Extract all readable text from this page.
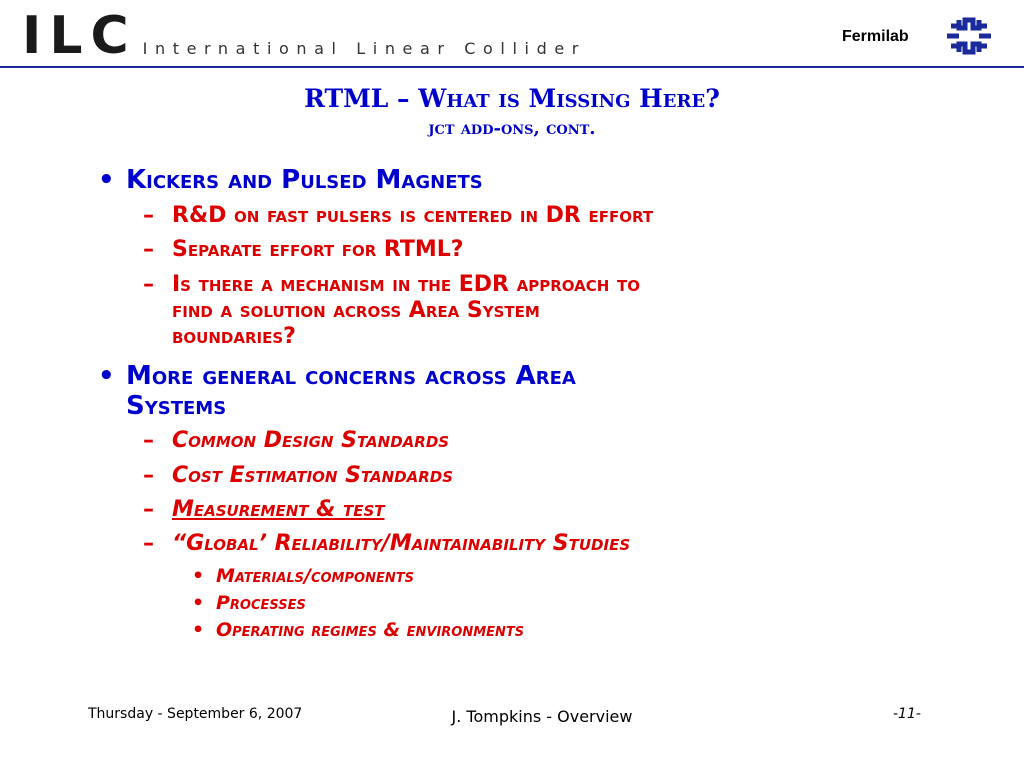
ILC International Linear Collider
Fermilab
RTML – What is Missing Here?
jct add-ons, cont.
• Kickers and Pulsed Magnets
– R&D on fast pulsers is centered in DR effort
– Separate effort for RTML?
– Is there a mechanism in the EDR approach to
find a solution across Area System
boundaries?
• More general concerns across Area
Systems
– Common Design Standards
– Cost Estimation Standards
– Measurement & test
– “Global’ Reliability/Maintainability Studies
• Materials/components
• Processes
• Operating regimes & environments
Thursday - September 6, 2007	J. Tompkins - Overview	-11-
